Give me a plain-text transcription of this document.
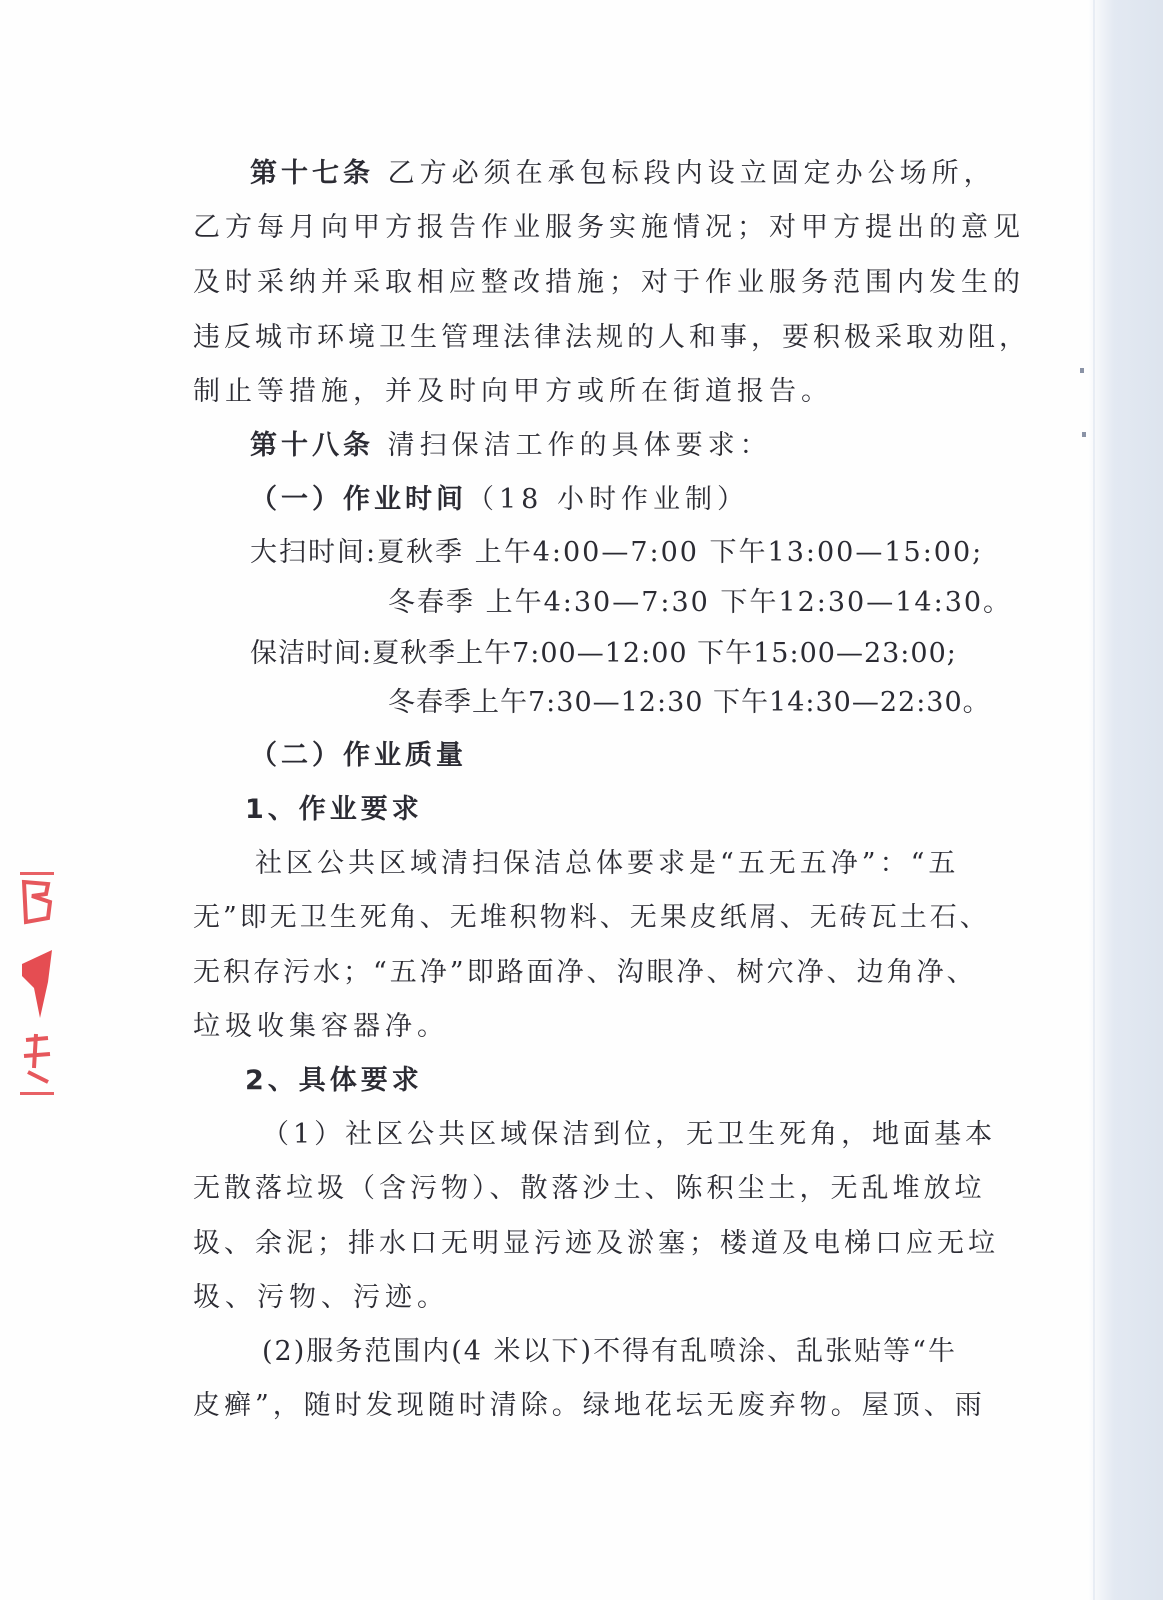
第十七条 乙方必须在承包标段内设立固定办公场所，
乙方每月向甲方报告作业服务实施情况；对甲方提出的意见
及时采纳并采取相应整改措施；对于作业服务范围内发生的
违反城市环境卫生管理法律法规的人和事，要积极采取劝阻，
制止等措施，并及时向甲方或所在街道报告。
第十八条 清扫保洁工作的具体要求：
（一）作业时间（18 小时作业制）
大扫时间:夏秋季 上午4:00—7:00 下午13:00—15:00;
冬春季 上午4:30—7:30 下午12:30—14:30。
保洁时间:夏秋季上午7:00—12:00 下午15:00—23:00;
冬春季上午7:30—12:30 下午14:30—22:30。
（二）作业质量
1、作业要求
社区公共区域清扫保洁总体要求是“五无五净”：“五
无”即无卫生死角、无堆积物料、无果皮纸屑、无砖瓦土石、
无积存污水；“五净”即路面净、沟眼净、树穴净、边角净、
垃圾收集容器净。
2、具体要求
（1）社区公共区域保洁到位，无卫生死角，地面基本
无散落垃圾（含污物）、散落沙土、陈积尘土，无乱堆放垃
圾、余泥；排水口无明显污迹及淤塞；楼道及电梯口应无垃
圾、污物、污迹。
(2)服务范围内(4 米以下)不得有乱喷涂、乱张贴等“牛
皮癣”，随时发现随时清除。绿地花坛无废弃物。屋顶、雨
